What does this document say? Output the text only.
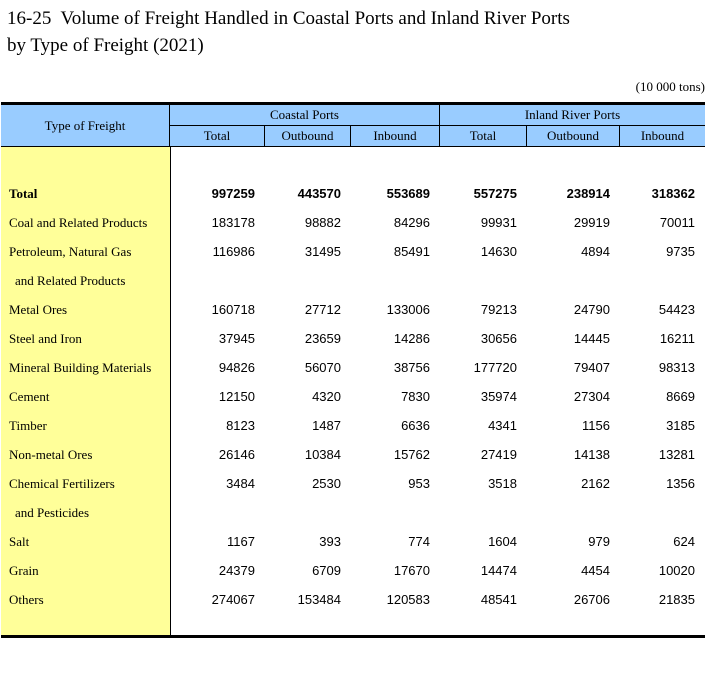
16-25  Volume of Freight Handled in Coastal Ports and Inland River Ports
by Type of Freight (2021)
(10 000 tons)
Type of Freight
Coastal Ports	Inland River Ports
Total	Outbound	Inbound	Total	Outbound	Inbound
Total	997259	443570	553689	557275	238914	318362
Coal and Related Products	183178	98882	84296	99931	29919	70011
Petroleum, Natural Gas
and Related Products
116986	31495	85491	14630	4894	9735
Metal Ores	160718	27712	133006	79213	24790	54423
Steel and Iron	37945	23659	14286	30656	14445	16211
Mineral Building Materials	94826	56070	38756	177720	79407	98313
Cement	12150	4320	7830	35974	27304	8669
Timber	8123	1487	6636	4341	1156	3185
Non-metal Ores	26146	10384	15762	27419	14138	13281
Chemical Fertilizers
and Pesticides
3484	2530	953	3518	2162	1356
Salt	1167	393	774	1604	979	624
Grain	24379	6709	17670	14474	4454	10020
Others	274067	153484	120583	48541	26706	21835
